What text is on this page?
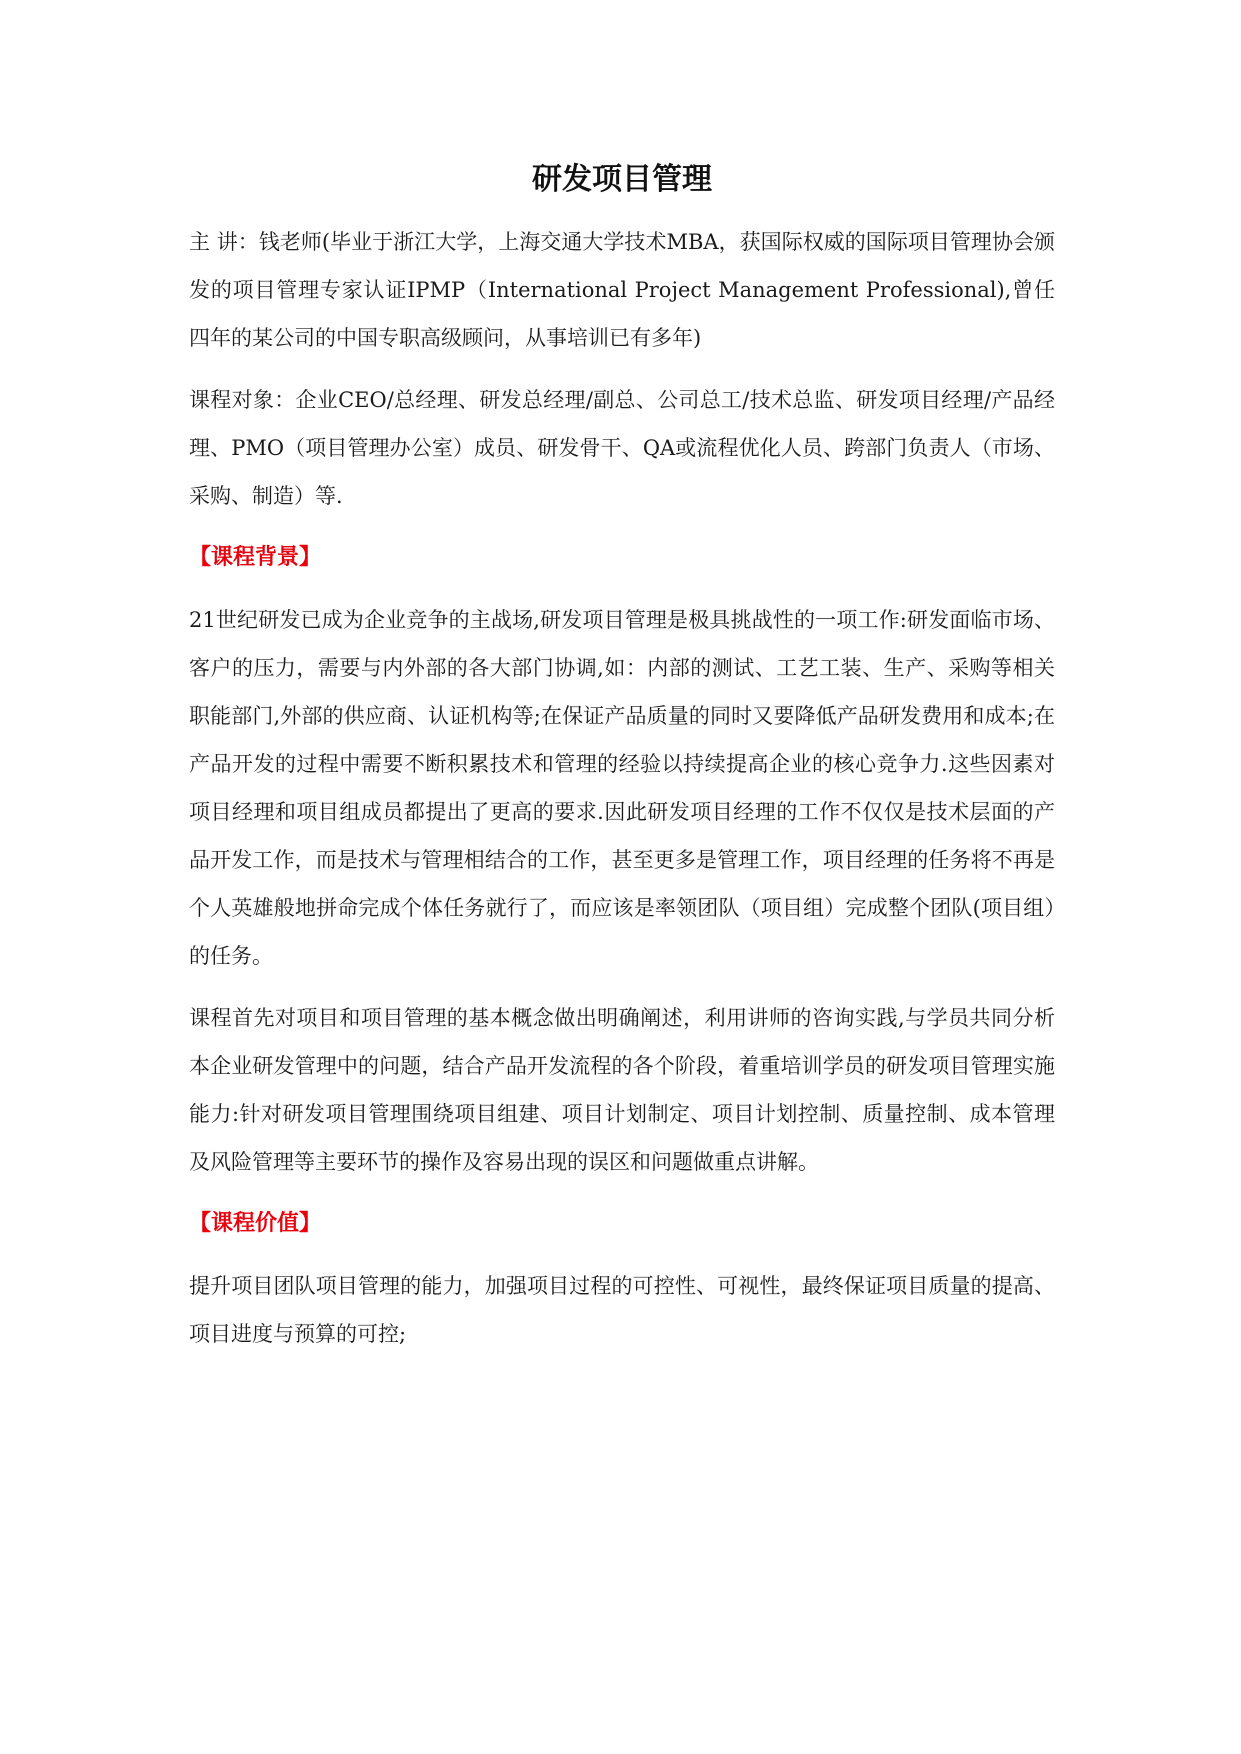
研发项目管理

主 讲：钱老师(毕业于浙江大学，上海交通大学技术MBA，获国际权威的国际项目管理协会颁发的项目管理专家认证IPMP（International Project Management Professional),曾任四年的某公司的中国专职高级顾问，从事培训已有多年)

课程对象：企业CEO/总经理、研发总经理/副总、公司总工/技术总监、研发项目经理/产品经理、PMO（项目管理办公室）成员、研发骨干、QA或流程优化人员、跨部门负责人（市场、采购、制造）等.

【课程背景】

21世纪研发已成为企业竞争的主战场,研发项目管理是极具挑战性的一项工作:研发面临市场、客户的压力，需要与内外部的各大部门协调,如：内部的测试、工艺工装、生产、采购等相关职能部门,外部的供应商、认证机构等;在保证产品质量的同时又要降低产品研发费用和成本;在产品开发的过程中需要不断积累技术和管理的经验以持续提高企业的核心竞争力.这些因素对项目经理和项目组成员都提出了更高的要求.因此研发项目经理的工作不仅仅是技术层面的产品开发工作，而是技术与管理相结合的工作，甚至更多是管理工作，项目经理的任务将不再是个人英雄般地拼命完成个体任务就行了，而应该是率领团队（项目组）完成整个团队(项目组）的任务。

课程首先对项目和项目管理的基本概念做出明确阐述，利用讲师的咨询实践,与学员共同分析本企业研发管理中的问题，结合产品开发流程的各个阶段，着重培训学员的研发项目管理实施能力:针对研发项目管理围绕项目组建、项目计划制定、项目计划控制、质量控制、成本管理及风险管理等主要环节的操作及容易出现的误区和问题做重点讲解。

【课程价值】

提升项目团队项目管理的能力，加强项目过程的可控性、可视性，最终保证项目质量的提高、项目进度与预算的可控;
